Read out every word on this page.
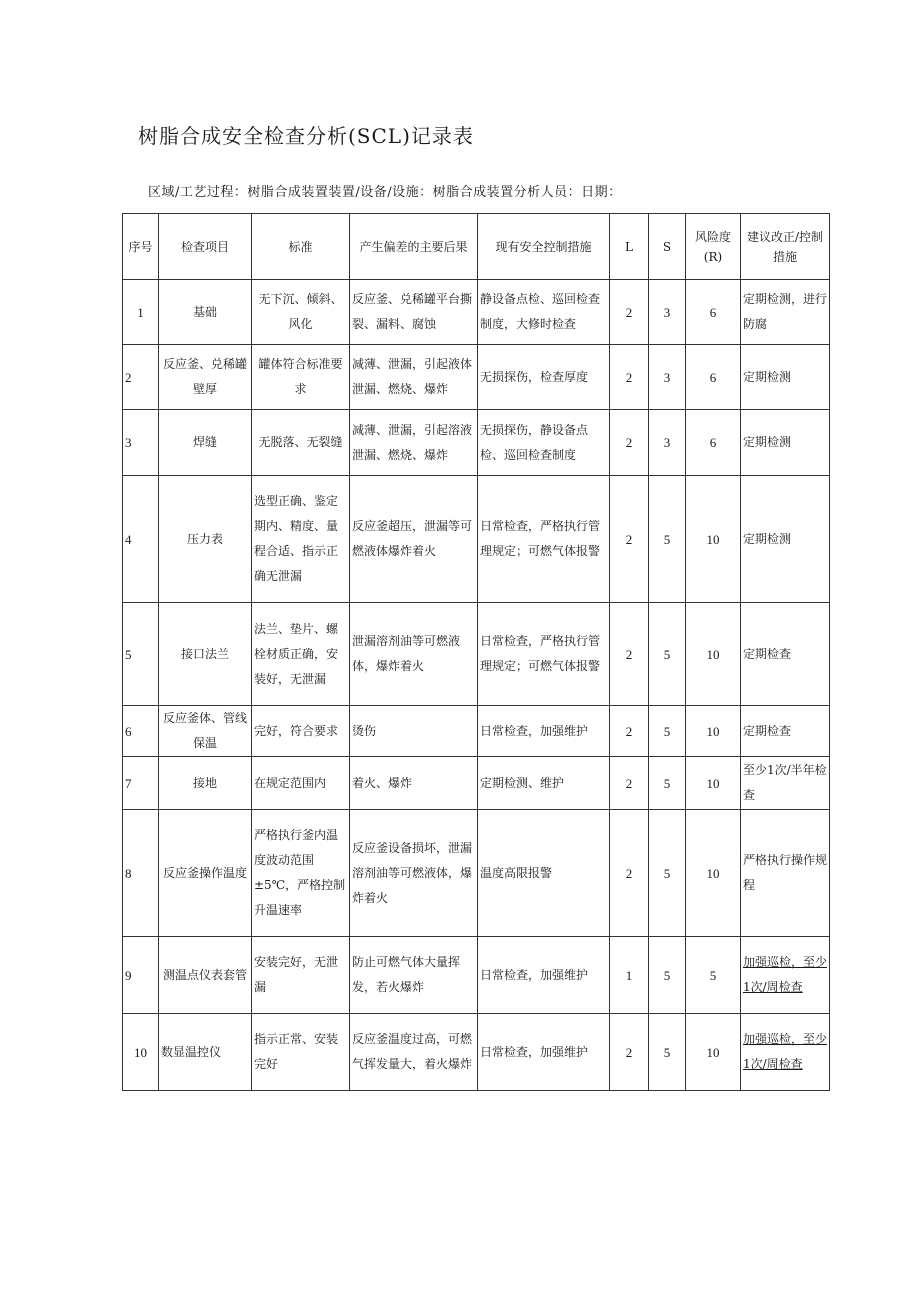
树脂合成安全检查分析(SCL)记录表
区域/工艺过程：树脂合成装置装置/设备/设施：树脂合成装置分析人员：日期：
序号	检查项目	标准	产生偏差的主要后果	现有安全控制措施	L	S	风险度(R)	建议改正/控制措施
1	基础	无下沉、倾斜、风化	反应釜、兑稀罐平台撕裂、漏料、腐蚀	静设备点检、巡回检查制度，大修时检查	2	3	6	定期检测，进行防腐
2	反应釜、兑稀罐壁厚	罐体符合标准要求	减薄、泄漏，引起液体泄漏、燃烧、爆炸	无损探伤，检查厚度	2	3	6	定期检测
3	焊缝	无脱落、无裂缝	减薄、泄漏，引起溶液泄漏、燃烧、爆炸	无损探伤，静设备点检、巡回检查制度	2	3	6	定期检测
4	压力表	选型正确、鉴定期内、精度、量程合适、指示正确无泄漏	反应釜超压，泄漏等可燃液体爆炸着火	日常检查，严格执行管理规定；可燃气体报警	2	5	10	定期检测
5	接口法兰	法兰、垫片、螺栓材质正确，安装好，无泄漏	泄漏溶剂油等可燃液体，爆炸着火	日常检查，严格执行管理规定；可燃气体报警	2	5	10	定期检查
6	反应釜体、管线保温	完好，符合要求	烫伤	日常检查，加强维护	2	5	10	定期检查
7	接地	在规定范围内	着火、爆炸	定期检测、维护	2	5	10	至少1次/半年检查
8	反应釜操作温度	严格执行釜内温度波动范围±5℃，严格控制升温速率	反应釜设备损坏，泄漏溶剂油等可燃液体，爆炸着火	温度高限报警	2	5	10	严格执行操作规程
9	测温点仪表套管	安装完好，无泄漏	防止可燃气体大量挥发，若火爆炸	日常检查，加强维护	1	5	5	加强巡检，至少1次/周检查
10	数显温控仪	指示正常、安装完好	反应釜温度过高，可燃气挥发量大，着火爆炸	日常检查，加强维护	2	5	10	加强巡检，至少1次/周检查
